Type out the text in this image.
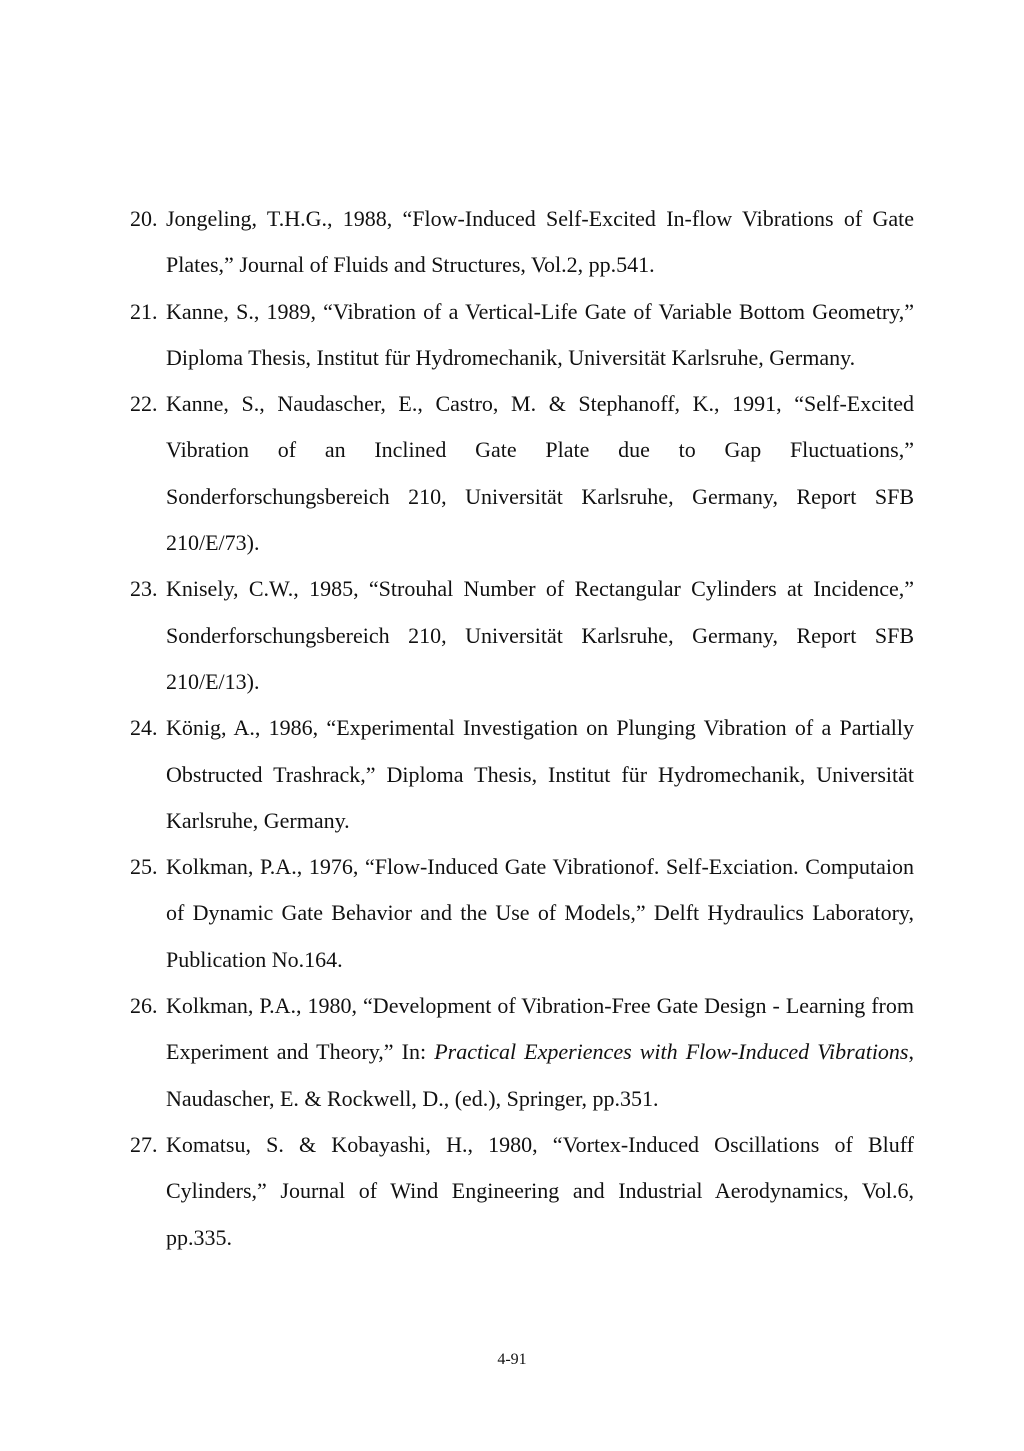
20. Jongeling, T.H.G., 1988, “Flow-Induced Self-Excited In-flow Vibrations of Gate Plates,” Journal of Fluids and Structures, Vol.2, pp.541.
21. Kanne, S., 1989, “Vibration of a Vertical-Life Gate of Variable Bottom Geometry,” Diploma Thesis, Institut für Hydromechanik, Universität Karlsruhe, Germany.
22. Kanne, S., Naudascher, E., Castro, M. & Stephanoff, K., 1991, “Self-Excited Vibration of an Inclined Gate Plate due to Gap Fluctuations,” Sonderforschungsbereich 210, Universität Karlsruhe, Germany, Report SFB 210/E/73).
23. Knisely, C.W., 1985, “Strouhal Number of Rectangular Cylinders at Incidence,” Sonderforschungsbereich 210, Universität Karlsruhe, Germany, Report SFB 210/E/13).
24. König, A., 1986, “Experimental Investigation on Plunging Vibration of a Partially Obstructed Trashrack,” Diploma Thesis, Institut für Hydromechanik, Universität Karlsruhe, Germany.
25. Kolkman, P.A., 1976, “Flow-Induced Gate Vibrationof. Self-Exciation. Computaion of Dynamic Gate Behavior and the Use of Models,” Delft Hydraulics Laboratory, Publication No.164.
26. Kolkman, P.A., 1980, “Development of Vibration-Free Gate Design - Learning from Experiment and Theory,” In: Practical Experiences with Flow-Induced Vibrations, Naudascher, E. & Rockwell, D., (ed.), Springer, pp.351.
27. Komatsu, S. & Kobayashi, H., 1980, “Vortex-Induced Oscillations of Bluff Cylinders,” Journal of Wind Engineering and Industrial Aerodynamics, Vol.6, pp.335.
4-91
